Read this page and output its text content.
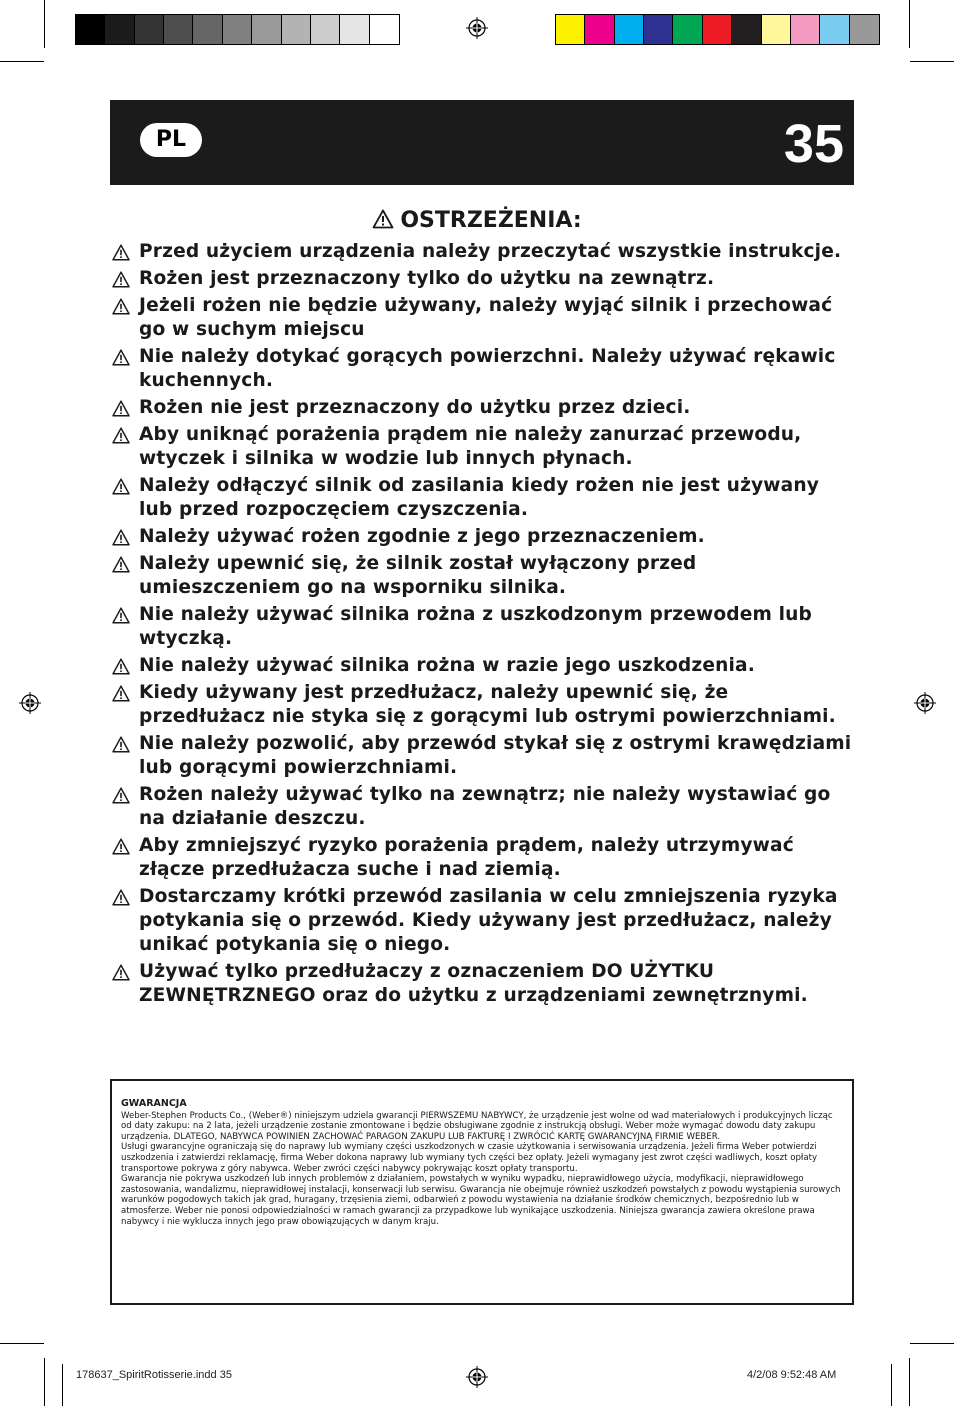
PL	35
OSTRZEŻENIA:
Przed użyciem urządzenia należy przeczytać wszystkie instrukcje.
Rożen jest przeznaczony tylko do użytku na zewnątrz.
Jeżeli rożen nie będzie używany, należy wyjąć silnik i przechować go w suchym miejscu
Nie należy dotykać gorących powierzchni. Należy używać rękawic kuchennych.
Rożen nie jest przeznaczony do użytku przez dzieci.
Aby uniknąć porażenia prądem nie należy zanurzać przewodu, wtyczek i silnika w wodzie lub innych płynach.
Należy odłączyć silnik od zasilania kiedy rożen nie jest używany lub przed rozpoczęciem czyszczenia.
Należy używać rożen zgodnie z jego przeznaczeniem.
Należy upewnić się, że silnik został wyłączony przed umieszczeniem go na wsporniku silnika.
Nie należy używać silnika rożna z uszkodzonym przewodem lub wtyczką.
Nie należy używać silnika rożna w razie jego uszkodzenia.
Kiedy używany jest przedłużacz, należy upewnić się, że przedłużacz nie styka się z gorącymi lub ostrymi powierzchniami.
Nie należy pozwolić, aby przewód stykał się z ostrymi krawędziami lub gorącymi powierzchniami.
Rożen należy używać tylko na zewnątrz; nie należy wystawiać go na działanie deszczu.
Aby zmniejszyć ryzyko porażenia prądem, należy utrzymywać złącze przedłużacza suche i nad ziemią.
Dostarczamy krótki przewód zasilania w celu zmniejszenia ryzyka potykania się o przewód. Kiedy używany jest przedłużacz, należy unikać potykania się o niego.
Używać tylko przedłużaczy z oznaczeniem DO UŻYTKU ZEWNĘTRZNEGO oraz do użytku z urządzeniami zewnętrznymi.
GWARANCJA

Weber-Stephen Products Co., (Weber®) niniejszym udziela gwarancji PIERWSZEMU NABYWCY, że urządzenie jest wolne od wad materiałowych i produkcyjnych licząc od daty zakupu: na 2 lata, jeżeli urządzenie zostanie zmontowane i będzie obsługiwane zgodnie z instrukcją obsługi. Weber może wymagać dowodu daty zakupu urządzenia. DLATEGO, NABYWCA POWINIEN ZACHOWAĆ PARAGON ZAKUPU LUB FAKTURĘ I ZWRÓCIĆ KARTĘ GWARANCYJNĄ FIRMIE WEBER.

Usługi gwarancyjne ograniczają się do naprawy lub wymiany części uszkodzonych w czasie użytkowania i serwisowania urządzenia. Jeżeli firma Weber potwierdzi uszkodzenia i zatwierdzi reklamację, firma Weber dokona naprawy lub wymiany tych części bez opłaty. Jeżeli wymagany jest zwrot części wadliwych, koszt opłaty transportowe pokrywa z góry nabywca. Weber zwróci części nabywcy pokrywając koszt opłaty transportu.

Gwarancja nie pokrywa uszkodzeń lub innych problemów z działaniem, powstałych w wyniku wypadku, nieprawidłowego użycia, modyfikacji, nieprawidłowego zastosowania, wandalizmu, nieprawidłowej instalacji, konserwacji lub serwisu. Gwarancja nie obejmuje również uszkodzeń powstałych z powodu wystąpienia surowych warunków pogodowych takich jak grad, huragany, trzęsienia ziemi, odbarwień z powodu wystawienia na działanie środków chemicznych, bezpośrednio lub w atmosferze. Weber nie ponosi odpowiedzialności w ramach gwarancji za przypadkowe lub wynikające uszkodzenia. Niniejsza gwarancja zawiera określone prawa nabywcy i nie wyklucza innych jego praw obowiązujących w danym kraju.

178637_SpiritRotisserie.indd 35	4/2/08 9:52:48 AM
